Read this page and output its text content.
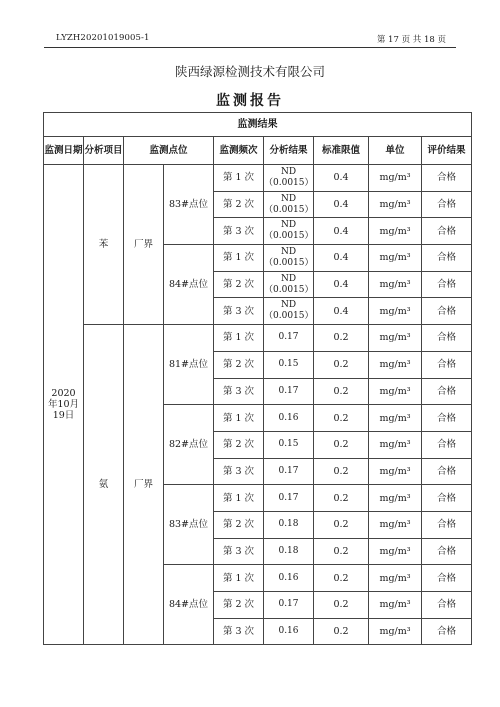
LYZH20201019005-1	第 17 页 共 18 页
陕西绿源检测技术有限公司
监测报告
监测结果								
监测日期	分析项目	监测点位		监测频次	分析结果	标准限值	单位	评价结果
2020年10月19日	苯	厂界	83#点位	第 1 次	ND（0.0015）	0.4	mg/m³	合格
				第 2 次	ND（0.0015）	0.4	mg/m³	合格
				第 3 次	ND（0.0015）	0.4	mg/m³	合格
			84#点位	第 1 次	ND（0.0015）	0.4	mg/m³	合格
				第 2 次	ND（0.0015）	0.4	mg/m³	合格
				第 3 次	ND（0.0015）	0.4	mg/m³	合格
	氨	厂界	81#点位	第 1 次	0.17	0.2	mg/m³	合格
				第 2 次	0.15	0.2	mg/m³	合格
				第 3 次	0.17	0.2	mg/m³	合格
			82#点位	第 1 次	0.16	0.2	mg/m³	合格
				第 2 次	0.15	0.2	mg/m³	合格
				第 3 次	0.17	0.2	mg/m³	合格
			83#点位	第 1 次	0.17	0.2	mg/m³	合格
				第 2 次	0.18	0.2	mg/m³	合格
				第 3 次	0.18	0.2	mg/m³	合格
			84#点位	第 1 次	0.16	0.2	mg/m³	合格
				第 2 次	0.17	0.2	mg/m³	合格
				第 3 次	0.16	0.2	mg/m³	合格
